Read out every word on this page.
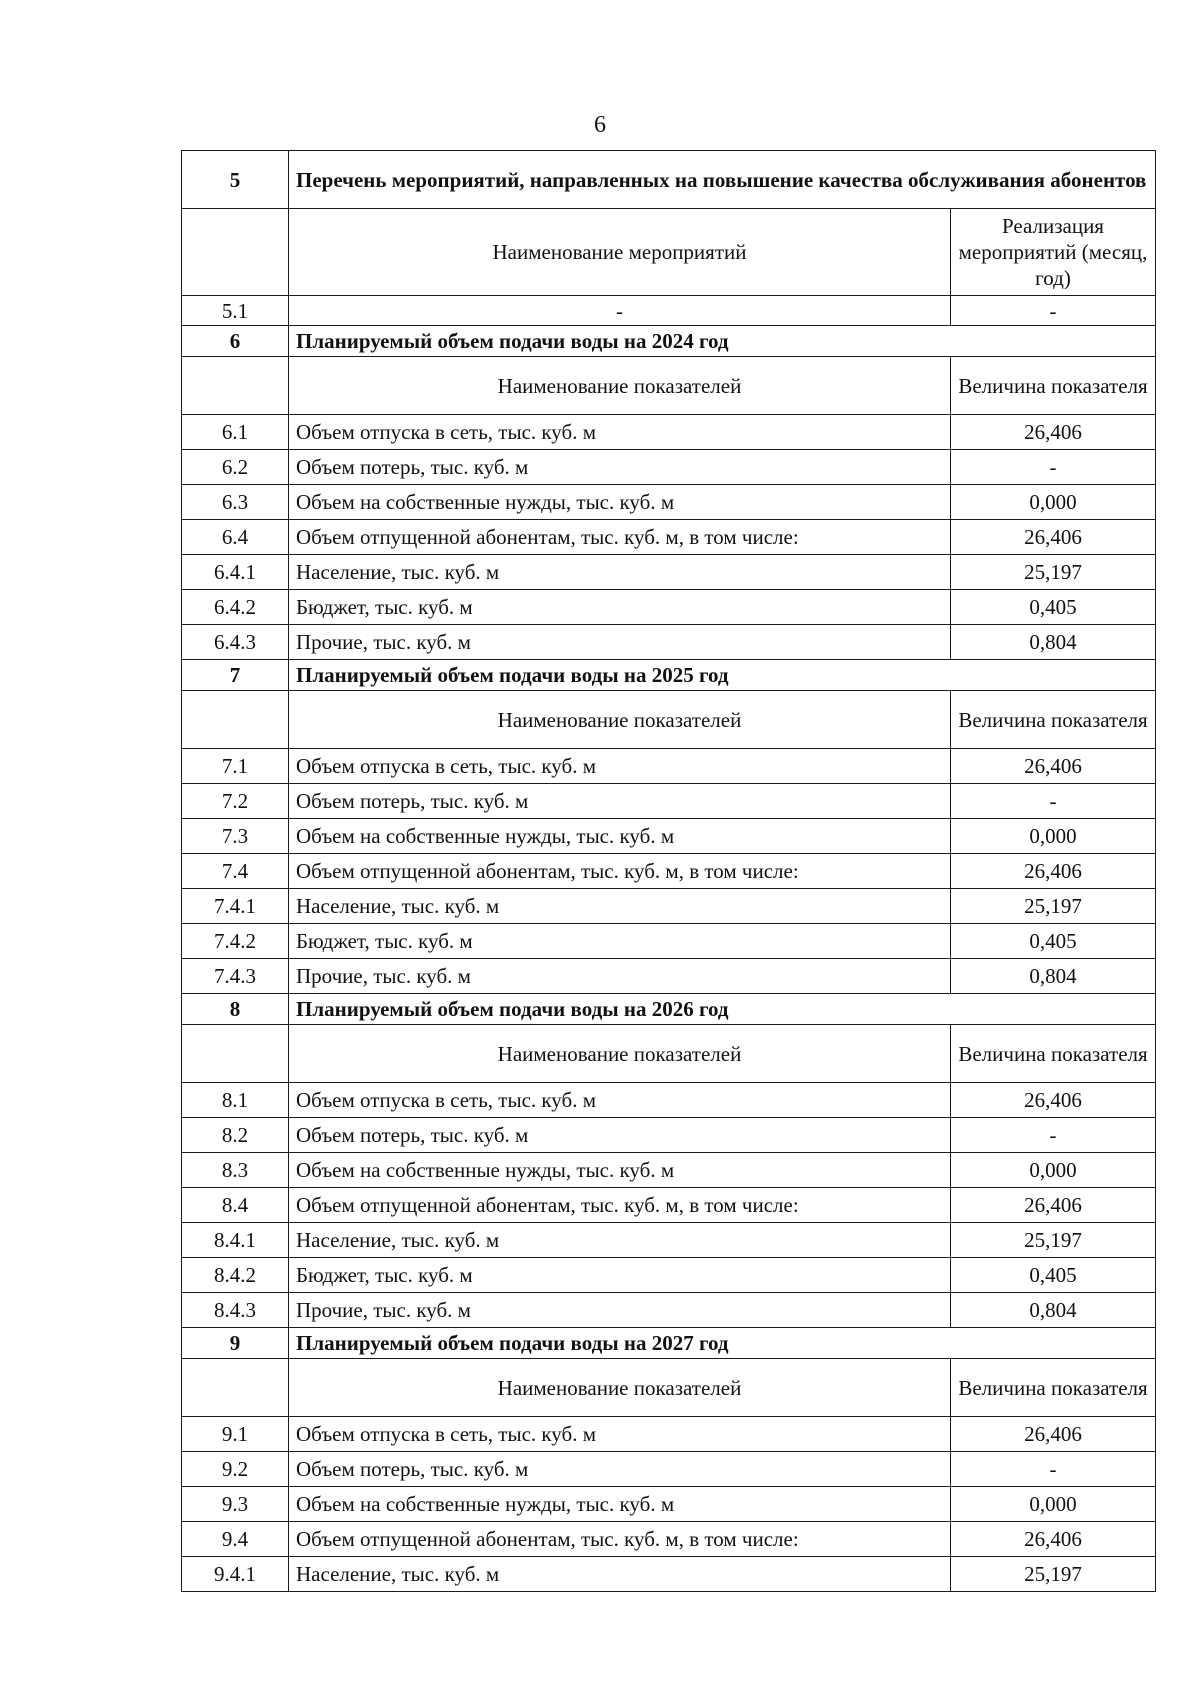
6
5	Перечень мероприятий, направленных на повышение качества обслуживания абонентов	
	Наименование мероприятий	Реализация мероприятий (месяц, год)
5.1	-	-
6	Планируемый объем подачи воды на 2024 год	
	Наименование показателей	Величина показателя
6.1	Объем отпуска в сеть, тыс. куб. м	26,406
6.2	Объем потерь, тыс. куб. м	-
6.3	Объем на собственные нужды, тыс. куб. м	0,000
6.4	Объем отпущенной абонентам, тыс. куб. м, в том числе:	26,406
6.4.1	Население, тыс. куб. м	25,197
6.4.2	Бюджет, тыс. куб. м	0,405
6.4.3	Прочие, тыс. куб. м	0,804
7	Планируемый объем подачи воды на 2025 год	
	Наименование показателей	Величина показателя
7.1	Объем отпуска в сеть, тыс. куб. м	26,406
7.2	Объем потерь, тыс. куб. м	-
7.3	Объем на собственные нужды, тыс. куб. м	0,000
7.4	Объем отпущенной абонентам, тыс. куб. м, в том числе:	26,406
7.4.1	Население, тыс. куб. м	25,197
7.4.2	Бюджет, тыс. куб. м	0,405
7.4.3	Прочие, тыс. куб. м	0,804
8	Планируемый объем подачи воды на 2026 год	
	Наименование показателей	Величина показателя
8.1	Объем отпуска в сеть, тыс. куб. м	26,406
8.2	Объем потерь, тыс. куб. м	-
8.3	Объем на собственные нужды, тыс. куб. м	0,000
8.4	Объем отпущенной абонентам, тыс. куб. м, в том числе:	26,406
8.4.1	Население, тыс. куб. м	25,197
8.4.2	Бюджет, тыс. куб. м	0,405
8.4.3	Прочие, тыс. куб. м	0,804
9	Планируемый объем подачи воды на 2027 год	
	Наименование показателей	Величина показателя
9.1	Объем отпуска в сеть, тыс. куб. м	26,406
9.2	Объем потерь, тыс. куб. м	-
9.3	Объем на собственные нужды, тыс. куб. м	0,000
9.4	Объем отпущенной абонентам, тыс. куб. м, в том числе:	26,406
9.4.1	Население, тыс. куб. м	25,197
